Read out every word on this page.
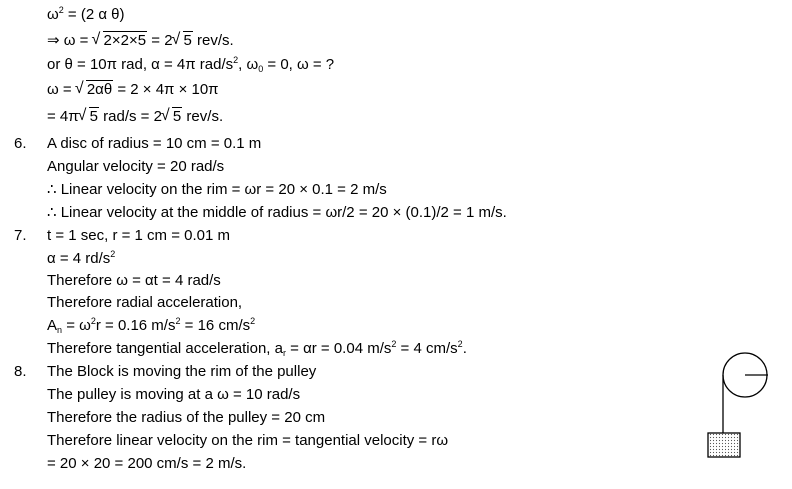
$\omega^2 = (2$ α θ)
⇒ ω = √ 2×2×5 = 2 √ 5 rev/s.
or θ = 10π rad, α = 4π rad/$s^2$, $\omega_0 = 0$, ω = ?
ω = √ 2αθ = 2 × 4π × 10π
= 4π √ 5 rad/s = 2 √ 5 rev/s.
6. A disc of radius = 10 cm = 0.1 m
Angular velocity = 20 rad/s
∴ Linear velocity on the rim = ωr = 20 × 0.1 = 2 m/s
∴ Linear velocity at the middle of radius = ωr/2 = 20 × (0.1)/2 = 1 m/s.
7. t = 1 sec, r = 1 cm = 0.01 m
α = 4 $rd/s^2$
Therefore ω = αt = 4 rad/s
Therefore radial acceleration,
$A_n = \omega^2r = 0.16$ $m/s^2 = 16$ $cm/s^2$
Therefore tangential acceleration, $a_r = \alpha r = 0.04$ $m/s^2 = 4$ $cm/s^2$.
8. The Block is moving the rim of the pulley
The pulley is moving at a ω = 10 rad/s
Therefore the radius of the pulley = 20 cm
Therefore linear velocity on the rim = tangential velocity = rω
= 20 × 20 = 200 cm/s = 2 m/s.
